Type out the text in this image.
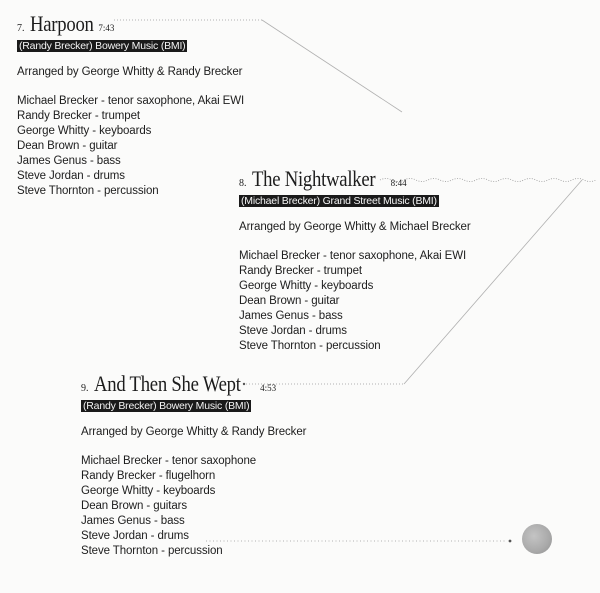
7. Harpoon 7:43
(Randy Brecker) Bowery Music (BMI)
Arranged by George Whitty & Randy Brecker
Michael Brecker - tenor saxophone, Akai EWI
Randy Brecker - trumpet
George Whitty - keyboards
Dean Brown - guitar
James Genus - bass
Steve Jordan - drums
Steve Thornton - percussion
8. The Nightwalker 8:44
(Michael Brecker) Grand Street Music (BMI)
Arranged by George Whitty & Michael Brecker
Michael Brecker - tenor saxophone, Akai EWI
Randy Brecker - trumpet
George Whitty - keyboards
Dean Brown - guitar
James Genus - bass
Steve Jordan - drums
Steve Thornton - percussion
9. And Then She Wept 4:53
(Randy Brecker) Bowery Music (BMI)
Arranged by George Whitty & Randy Brecker
Michael Brecker - tenor saxophone
Randy Brecker - flugelhorn
George Whitty - keyboards
Dean Brown - guitars
James Genus - bass
Steve Jordan - drums
Steve Thornton - percussion
